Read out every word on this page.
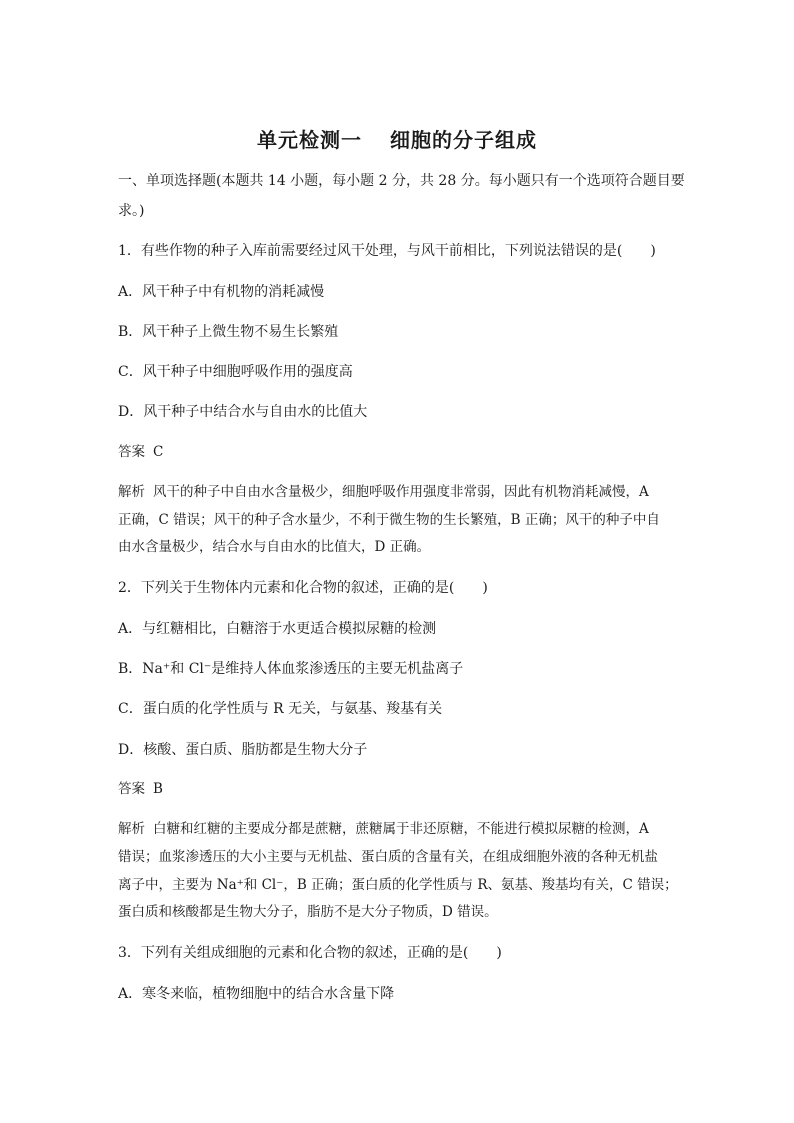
单元检测一 细胞的分子组成
一、单项选择题(本题共 14 小题，每小题 2 分，共 28 分。每小题只有一个选项符合题目要
求。)
1．有些作物的种子入库前需要经过风干处理，与风干前相比，下列说法错误的是(　　)
A．风干种子中有机物的消耗减慢
B．风干种子上微生物不易生长繁殖
C．风干种子中细胞呼吸作用的强度高
D．风干种子中结合水与自由水的比值大
答案 C
解析 风干的种子中自由水含量极少，细胞呼吸作用强度非常弱，因此有机物消耗减慢，A
正确，C 错误；风干的种子含水量少，不利于微生物的生长繁殖，B 正确；风干的种子中自
由水含量极少，结合水与自由水的比值大，D 正确。
2．下列关于生物体内元素和化合物的叙述，正确的是(　　)
A．与红糖相比，白糖溶于水更适合模拟尿糖的检测
B．Na⁺和 Cl⁻是维持人体血浆渗透压的主要无机盐离子
C．蛋白质的化学性质与 R 无关，与氨基、羧基有关
D．核酸、蛋白质、脂肪都是生物大分子
答案 B
解析 白糖和红糖的主要成分都是蔗糖，蔗糖属于非还原糖，不能进行模拟尿糖的检测，A
错误；血浆渗透压的大小主要与无机盐、蛋白质的含量有关，在组成细胞外液的各种无机盐
离子中，主要为 Na⁺和 Cl⁻，B 正确；蛋白质的化学性质与 R、氨基、羧基均有关，C 错误；
蛋白质和核酸都是生物大分子，脂肪不是大分子物质，D 错误。
3．下列有关组成细胞的元素和化合物的叙述，正确的是(　　)
A．寒冬来临，植物细胞中的结合水含量下降
